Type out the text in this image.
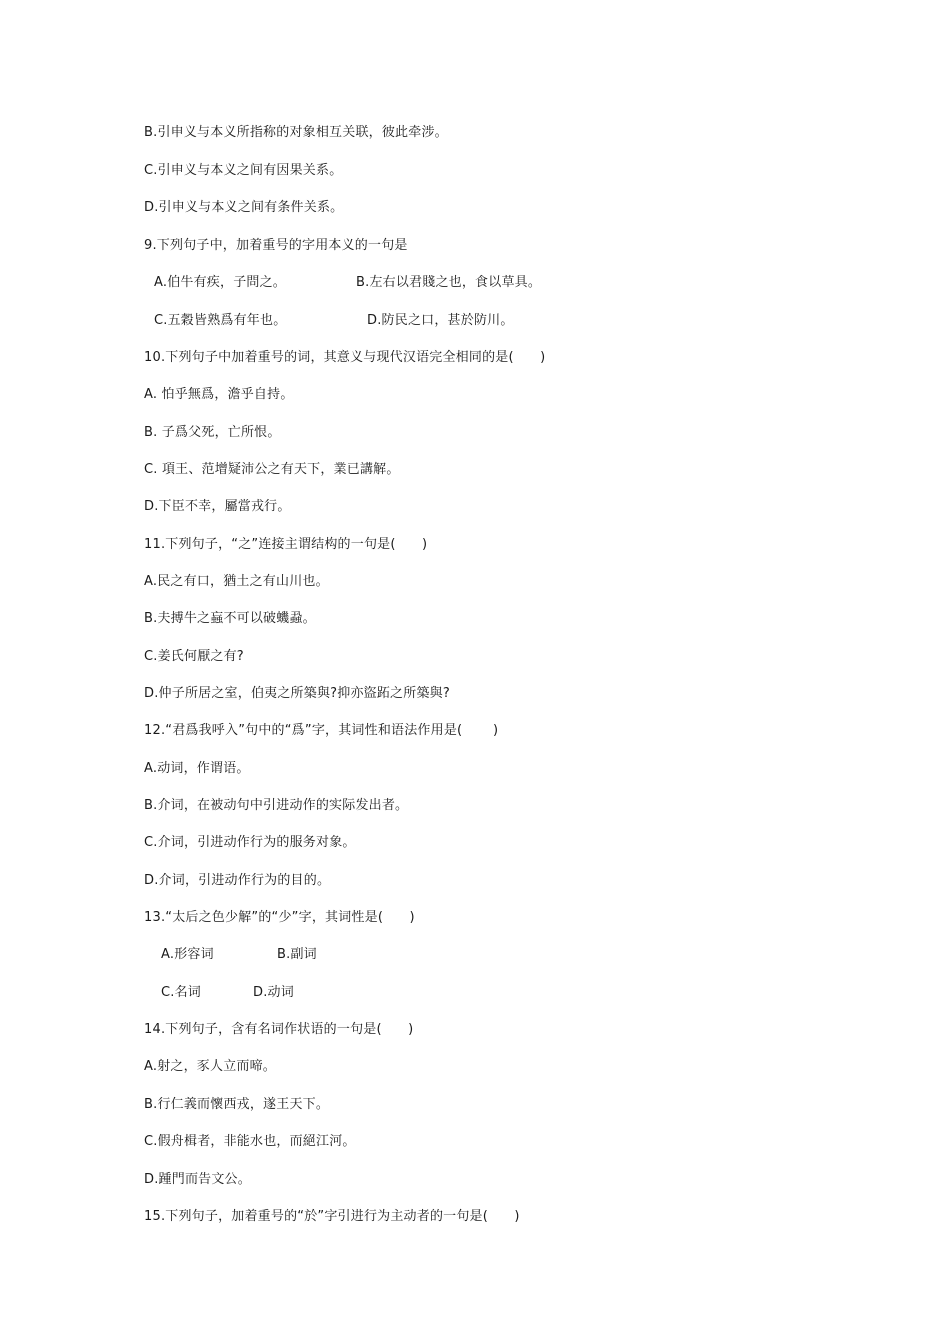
B.引申义与本义所指称的对象相互关联，彼此牵涉。
C.引申义与本义之间有因果关系。
D.引申义与本义之间有条件关系。
9.下列句子中，加着重号的字用本义的一句是
A.伯牛有疾，子問之。	B.左右以君賤之也，食以草具。
C.五穀皆熟爲有年也。	D.防民之口，甚於防川。
10.下列句子中加着重号的词，其意义与现代汉语完全相同的是(　　)
A. 怕乎無爲，澹乎自持。
B. 子爲父死，亡所恨。
C. 項王、范增疑沛公之有天下，業已講解。
D.下臣不幸，屬當戎行。
11.下列句子，“之”连接主谓结构的一句是(　　)
A.民之有口，猶土之有山川也。
B.夫搏牛之蝱不可以破蟣蝨。
C.姜氏何厭之有?
D.仲子所居之室，伯夷之所築與?抑亦盜跖之所築與?
12.“君爲我呼入”句中的“爲”字，其词性和语法作用是(　　 )
A.动词，作谓语。
B.介词，在被动句中引进动作的实际发出者。
C.介词，引进动作行为的服务对象。
D.介词，引进动作行为的目的。
13.“太后之色少解”的“少”字，其词性是(　　)
A.形容词	B.副词
C.名词	D.动词
14.下列句子，含有名词作状语的一句是(　　)
A.射之，豕人立而啼。
B.行仁義而懷西戎，遂王天下。
C.假舟楫者，非能水也，而絕江河。
D.踵門而告文公。
15.下列句子，加着重号的“於”字引进行为主动者的一句是(　　)
